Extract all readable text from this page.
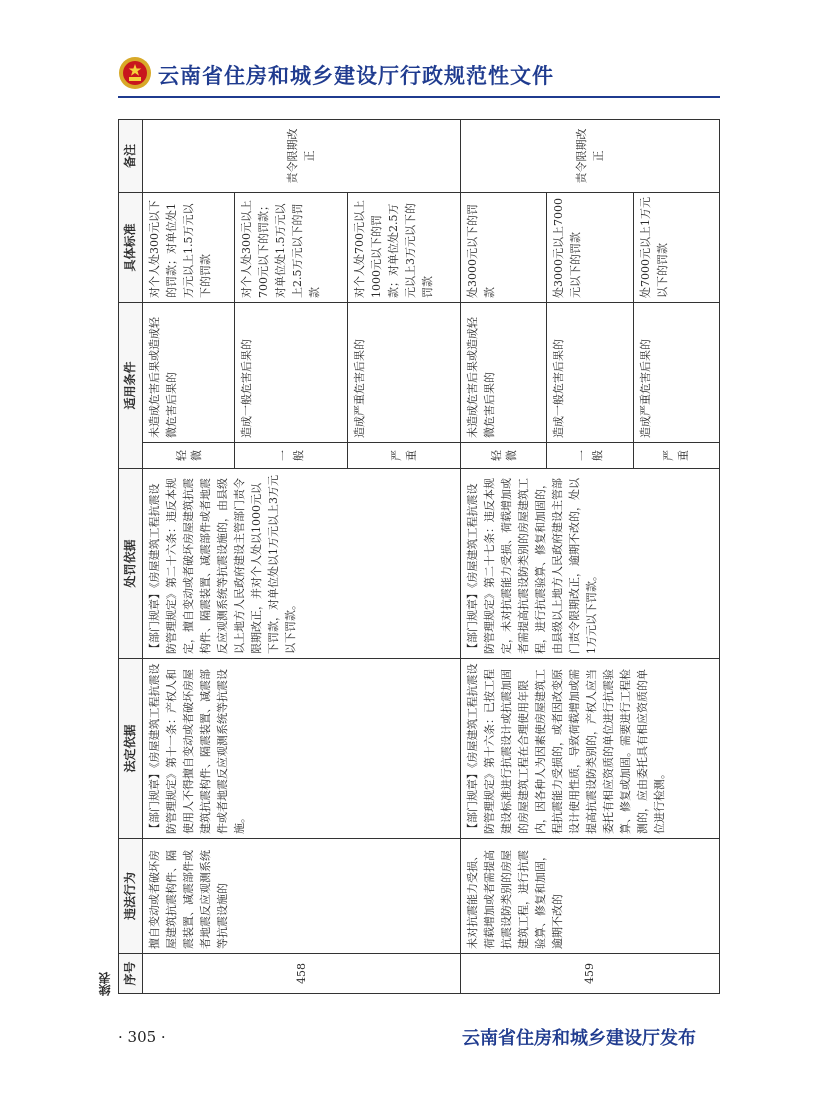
云南省住房和城乡建设厅行政规范性文件
续表 序号	违法行为	法定依据	处罚依据	适用条件		具体标准	备注
458	擅自变动或者破坏房屋建筑抗震构件、隔震装置、减震部件或者地震反应观测系统等抗震设施的	【部门规章】《房屋建筑工程抗震设防管理规定》第十一条：产权人和使用人不得擅自变动或者破坏房屋建筑抗震构件、隔震装置、减震部件或者地震反应观测系统等抗震设施。	【部门规章】《房屋建筑工程抗震设防管理规定》第二十六条：违反本规定，擅自变动或者破坏房屋建筑抗震构件、隔震装置、减震部件或者地震反应观测系统等抗震设施的，由县级以上地方人民政府建设主管部门责令限期改正，并对个人处以1000元以下罚款，对单位处以1万元以上3万元以下罚款。	轻微	未造成危害后果或造成轻微危害后果的	对个人处300元以下的罚款；对单位处1万元以上1.5万元以下的罚款	责令限期改正
				一般	造成一般危害后果的	对个人处300元以上700元以下的罚款；对单位处1.5万元以上2.5万元以下的罚款	
				严重	造成严重危害后果的	对个人处700元以上1000元以下的罚款；对单位处2.5万元以上3万元以下的罚款	
459	未对抗震能力受损、荷载增加或者需提高抗震设防类别的房屋建筑工程，进行抗震验算、修复和加固，逾期不改的	【部门规章】《房屋建筑工程抗震设防管理规定》第十六条：已按工程建设标准进行抗震设计或抗震加固的房屋建筑工程在合理使用年限内，因各种人为因素使房屋建筑工程抗震能力受损的，或者因改变原设计使用性质，导致荷载增加或需提高抗震设防类别的，产权人应当委托有相应资质的单位进行抗震验算、修复或加固。需要进行工程检测的，应由委托具有相应资质的单位进行检测。	【部门规章】《房屋建筑工程抗震设防管理规定》第二十七条：违反本规定，未对抗震能力受损、荷载增加或者需提高抗震设防类别的房屋建筑工程，进行抗震验算、修复和加固的，由县级以上地方人民政府建设主管部门责令限期改正，逾期不改的，处以1万元以下罚款。	轻微	未造成危害后果或造成轻微危害后果的	处3000元以下的罚款	责令限期改正
				一般	造成一般危害后果的	处3000元以上7000元以下的罚款	
				严重	造成严重危害后果的	处7000元以上1万元以下的罚款	
· 305 ·	云南省住房和城乡建设厅发布
